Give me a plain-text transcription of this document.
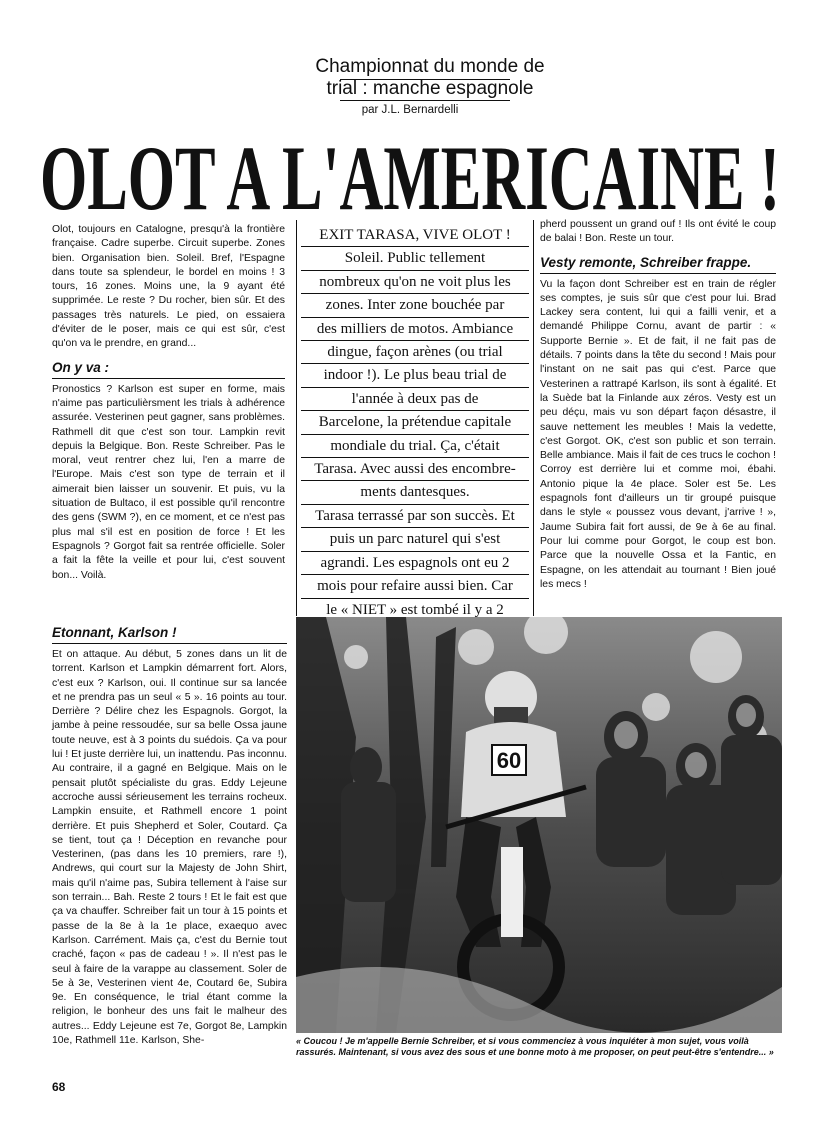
Championnat du monde de
trial : manche espagnole
par J.L. Bernardelli
OLOT A L'AMERICAINE !

Olot, toujours en Catalogne, presqu'à la frontière française. Cadre superbe. Circuit superbe. Zones bien. Organisation bien. Soleil. Bref, l'Espagne dans toute sa splendeur, le bordel en moins ! 3 tours, 16 zones. Moins une, la 9 ayant été supprimée. Le reste ? Du rocher, bien sûr. Et des passages très naturels. Le pied, on essaiera d'éviter de le poser, mais ce qui est sûr, c'est qu'on va le prendre, en grand...

On y va :

Pronostics ? Karlson est super en forme, mais n'aime pas particulièrsment les trials à adhérence assurée. Vesterinen peut gagner, sans problèmes. Rathmell dit que c'est son tour. Lampkin revit depuis la Belgique. Bon. Reste Schreiber. Pas le moral, veut rentrer chez lui, l'en a marre de l'Europe. Mais c'est son type de terrain et il aimerait bien laisser un souvenir. Et puis, vu la situation de Bultaco, il est possible qu'il rencontre des gens (SWM ?), en ce moment, et ce n'est pas plus mal s'il est en position de force ! Et les Espagnols ? Gorgot fait sa rentrée officielle. Soler a fait la fête la veille et pour lui, c'est souvent bon... Voilà.

EXIT TARASA, VIVE OLOT !
Soleil. Public tellement
nombreux qu'on ne voit plus les
zones. Inter zone bouchée par
des milliers de motos. Ambiance
dingue, façon arènes (ou trial
indoor !). Le plus beau trial de
l'année à deux pas de
Barcelone, la prétendue capitale
mondiale du trial. Ça, c'était
Tarasa. Avec aussi des encombre-
ments dantesques.
Tarasa terrassé par son succès. Et
puis un parc naturel qui s'est
agrandi. Les espagnols ont eu 2
mois pour refaire aussi bien. Car
le « NIET » est tombé il y a 2
Etonnant, Karlson !

Et on attaque. Au début, 5 zones dans un lit de torrent. Karlson et Lampkin démarrent fort. Alors, c'est eux ? Karlson, oui. Il continue sur sa lancée et ne prendra pas un seul « 5 ». 16 points au tour. Derrière ? Délire chez les Espagnols. Gorgot, la jambe à peine ressoudée, sur sa belle Ossa jaune toute neuve, est à 3 points du suédois. Ça va pour lui ! Et juste derrière lui, un inattendu. Pas inconnu. Au contraire, il a gagné en Belgique. Mais on le pensait plutôt spécialiste du gras. Eddy Lejeune accroche aussi sérieusement les terrains rocheux. Lampkin ensuite, et Rathmell encore 1 point derrière. Et puis Shepherd et Soler, Coutard. Ça se tient, tout ça ! Déception en revanche pour Vesterinen, (pas dans les 10 premiers, rare !), Andrews, qui court sur la Majesty de John Shirt, mais qu'il n'aime pas, Subira tellement à l'aise sur son terrain... Bah. Reste 2 tours ! Et le fait est que ça va chauffer. Schreiber fait un tour à 15 points et passe de la 8e à la 1e place, exaequo avec Karlson. Carrément. Mais ça, c'est du Bernie tout craché, façon « pas de cadeau ! ». Il n'est pas le seul à faire de la varappe au classement. Soler de 5e à 3e, Vesterinen vient 4e, Coutard 6e, Subira 9e. En conséquence, le trial étant comme la religion, le bonheur des uns fait le malheur des autres... Eddy Lejeune est 7e, Gorgot 8e, Lampkin 10e, Rathmell 11e. Karlson, She-

pherd poussent un grand ouf ! Ils ont évité le coup de balai ! Bon. Reste un tour.

Vesty remonte, Schreiber frappe.

Vu la façon dont Schreiber est en train de régler ses comptes, je suis sûr que c'est pour lui. Brad Lackey sera content, lui qui a failli venir, et a demandé Philippe Cornu, avant de partir : « Supporte Bernie ». Et de fait, il ne fait pas de détails. 7 points dans la tête du second ! Mais pour l'instant on ne sait pas qui c'est. Parce que Vesterinen a rattrapé Karlson, ils sont à égalité. Et la Suède bat la Finlande aux zéros. Vesty est un peu déçu, mais vu son départ façon désastre, il sauve nettement les meubles ! Mais la vedette, c'est Gorgot. OK, c'est son public et son terrain. Belle ambiance. Mais il fait de ces trucs le cochon ! Corroy est derrière lui et comme moi, ébahi. Antonio pique la 4e place. Soler est 5e. Les espagnols font d'ailleurs un tir groupé puisque dans le style « poussez vous devant, j'arrive ! », Jaume Subira fait fort aussi, de 9e à 6e au final. Pour lui comme pour Gorgot, le coup est bon. Parce que la nouvelle Ossa et la Fantic, en Espagne, on les attendait au tournant ! Bien joué les mecs !

60
« Coucou ! Je m'appelle Bernie Schreiber, et si vous commenciez à vous inquiéter à mon sujet, vous voilà rassurés. Maintenant, si vous avez des sous et une bonne moto à me proposer, on peut peut-être s'entendre... »
68
